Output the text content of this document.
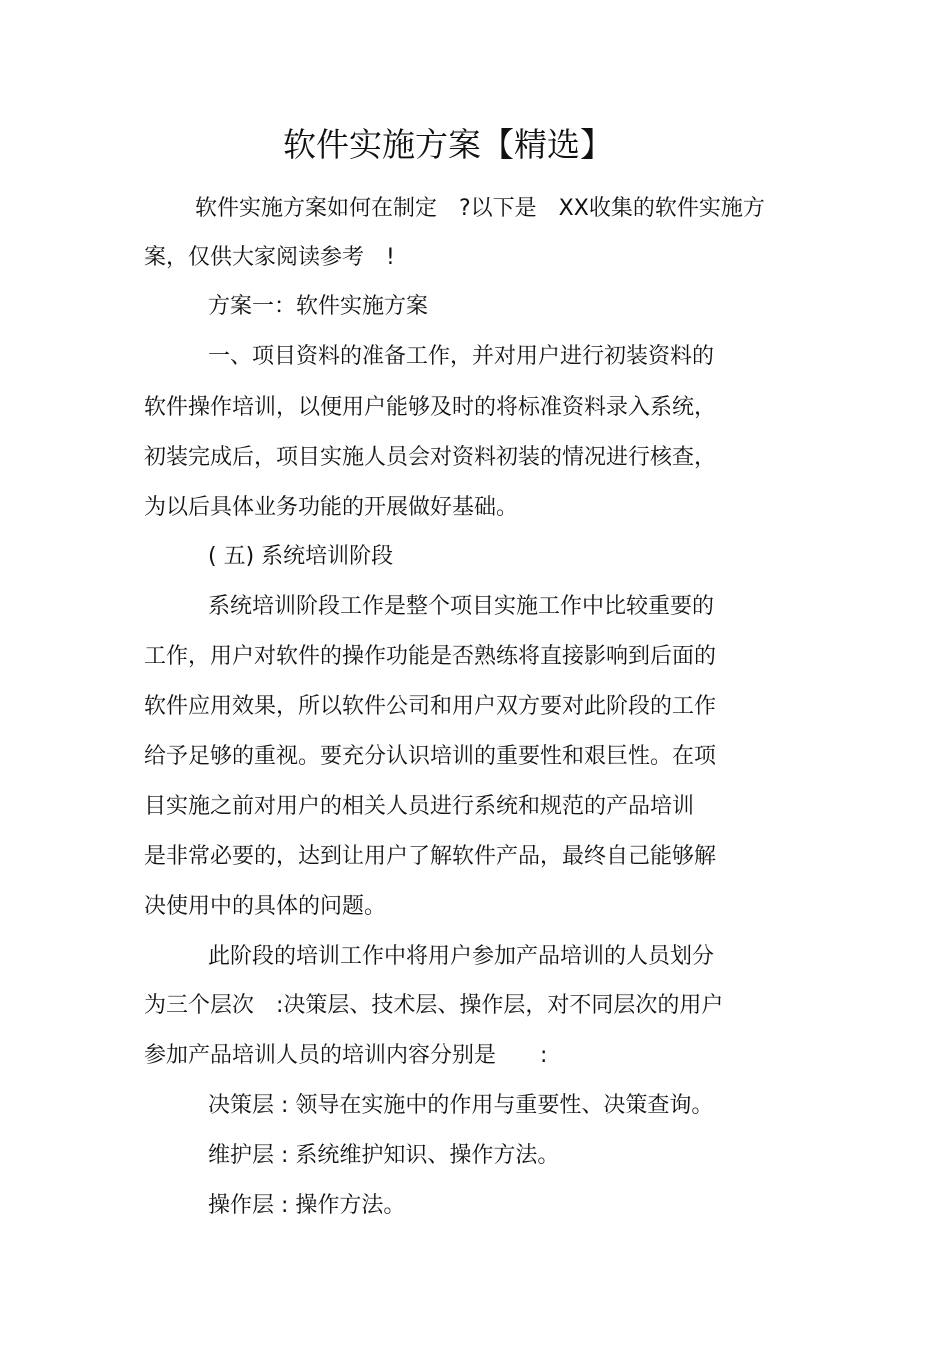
软件实施方案【精选】

软件实施方案如何在制定　?以下是　XX收集的软件实施方

案，仅供大家阅读参考　!

方案一：软件实施方案

一、项目资料的准备工作，并对用户进行初装资料的

软件操作培训，以便用户能够及时的将标准资料录入系统，

初装完成后，项目实施人员会对资料初装的情况进行核查，

为以后具体业务功能的开展做好基础。

( 五) 系统培训阶段

系统培训阶段工作是整个项目实施工作中比较重要的

工作，用户对软件的操作功能是否熟练将直接影响到后面的

软件应用效果，所以软件公司和用户双方要对此阶段的工作

给予足够的重视。要充分认识培训的重要性和艰巨性。在项

目实施之前对用户的相关人员进行系统和规范的产品培训

是非常必要的，达到让用户了解软件产品，最终自己能够解

决使用中的具体的问题。

此阶段的培训工作中将用户参加产品培训的人员划分

为三个层次　:决策层、技术层、操作层，对不同层次的用户

参加产品培训人员的培训内容分别是　　:

决策层 : 领导在实施中的作用与重要性、决策查询。

维护层 : 系统维护知识、操作方法。

操作层 : 操作方法。
